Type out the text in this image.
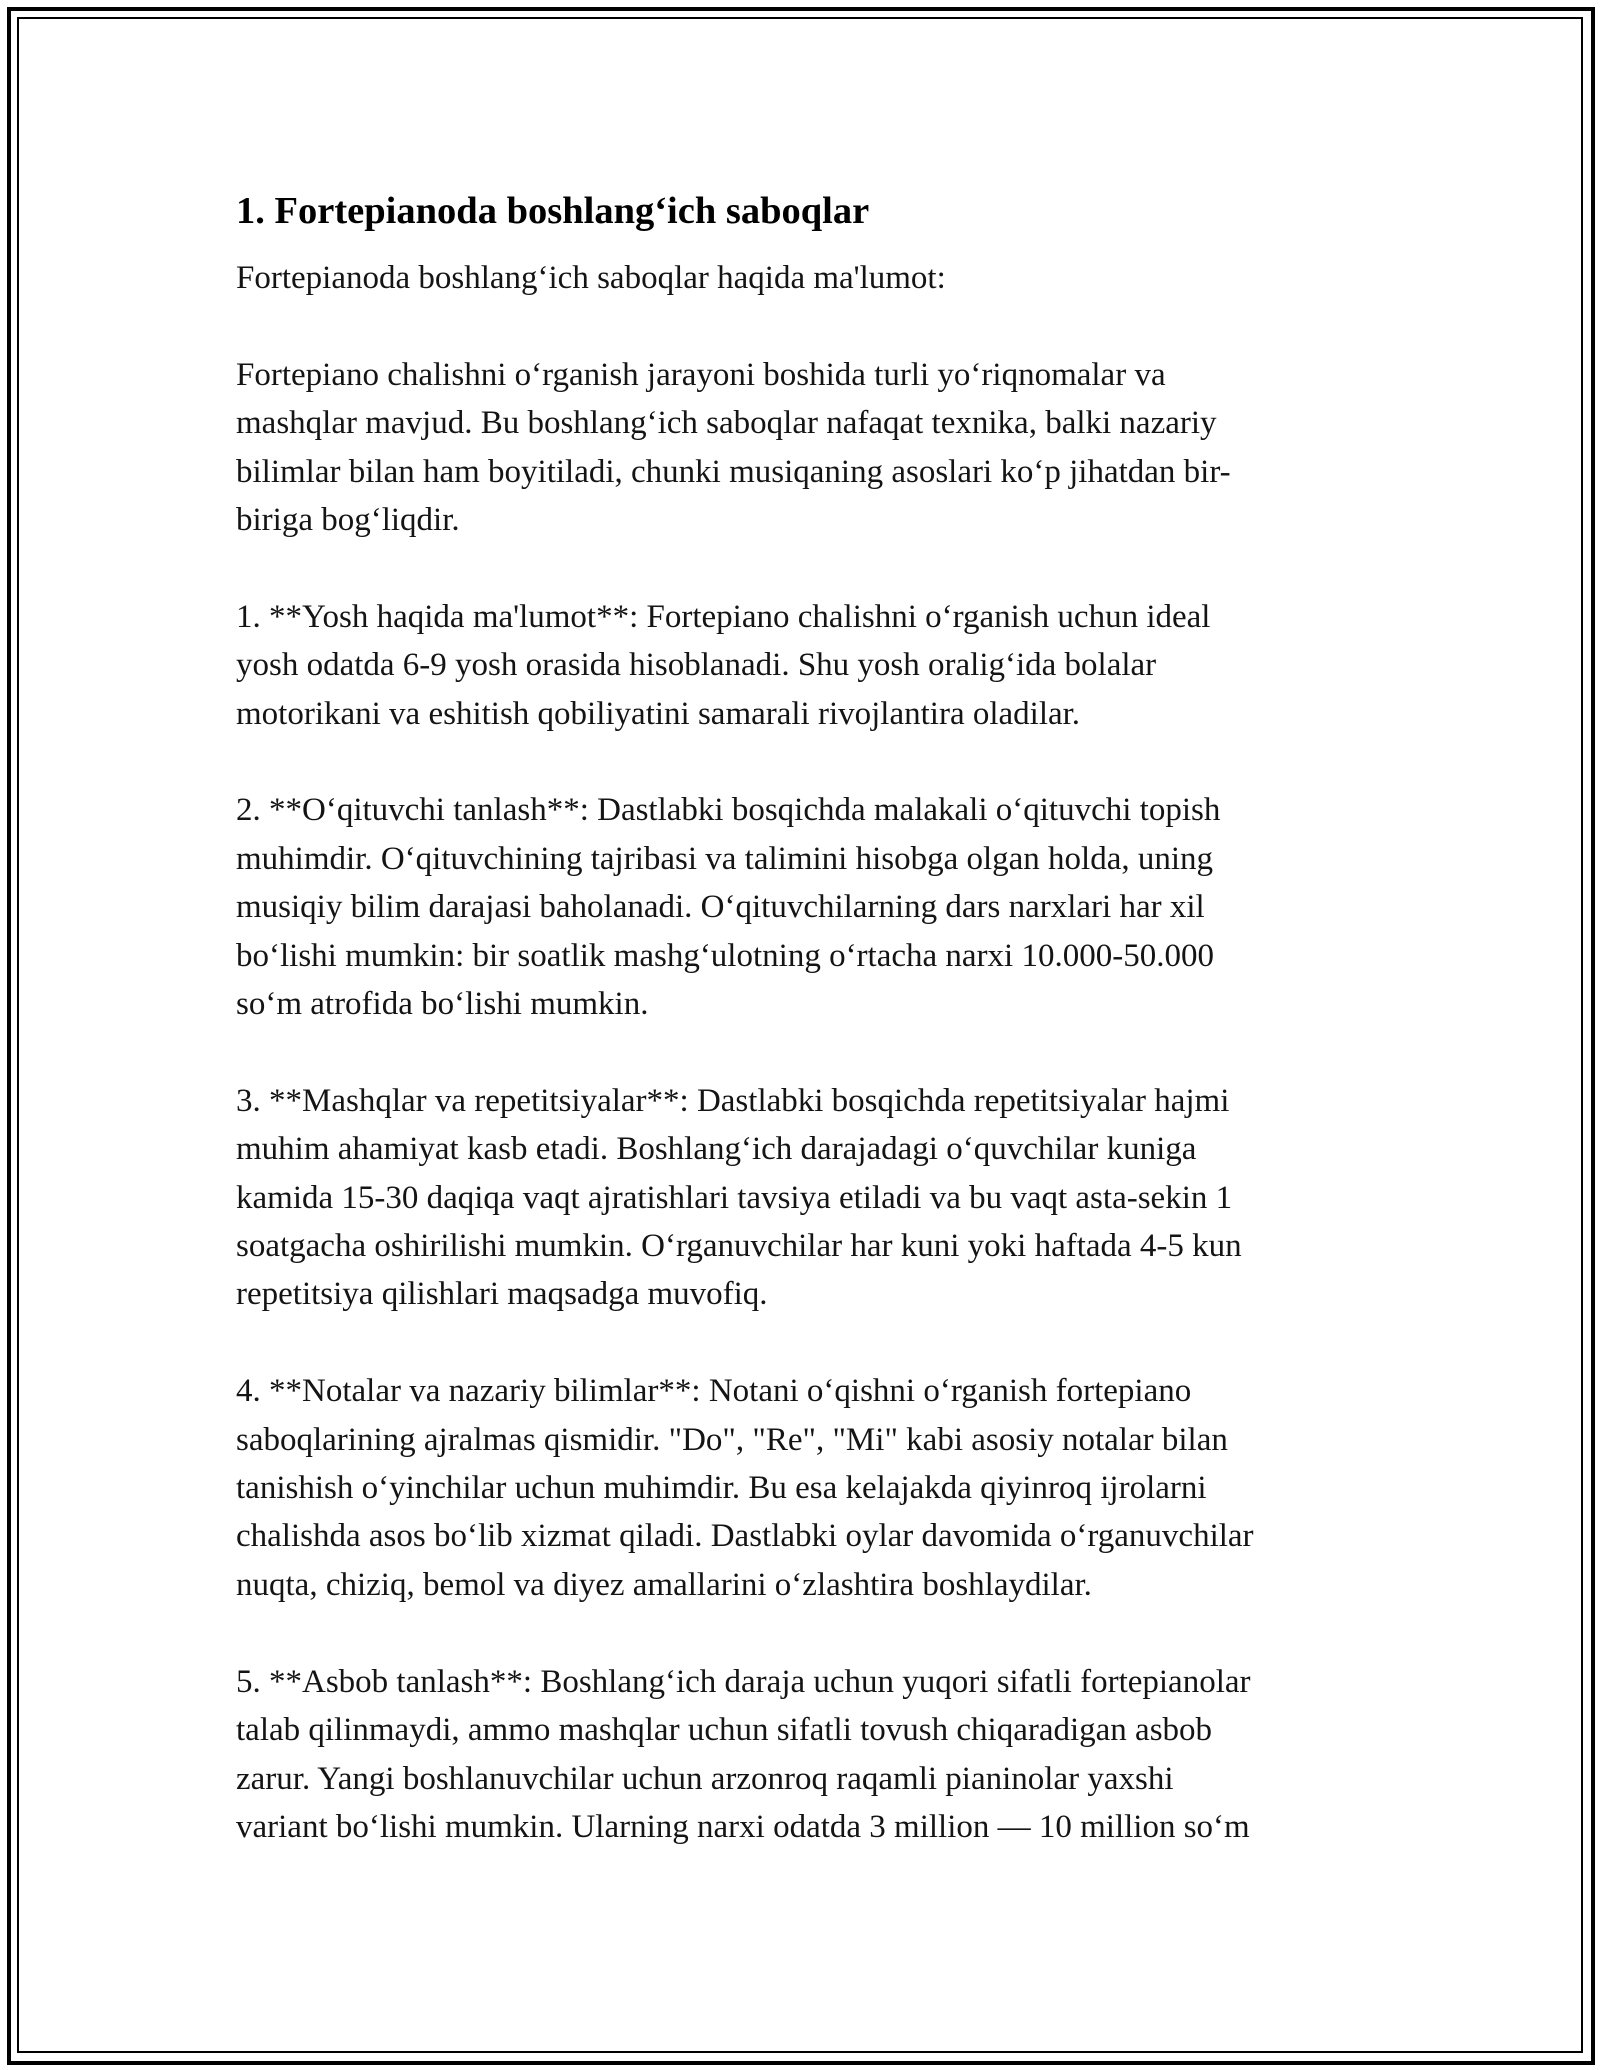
1. Fortepianoda boshlang‘ich saboqlar

Fortepianoda boshlang‘ich saboqlar haqida ma'lumot:

Fortepiano chalishni o‘rganish jarayoni boshida turli yo‘riqnomalar va
mashqlar mavjud. Bu boshlang‘ich saboqlar nafaqat texnika, balki nazariy
bilimlar bilan ham boyitiladi, chunki musiqaning asoslari ko‘p jihatdan bir-
biriga bog‘liqdir.

1. **Yosh haqida ma'lumot**: Fortepiano chalishni o‘rganish uchun ideal
yosh odatda 6-9 yosh orasida hisoblanadi. Shu yosh oralig‘ida bolalar
motorikani va eshitish qobiliyatini samarali rivojlantira oladilar.

2. **O‘qituvchi tanlash**: Dastlabki bosqichda malakali o‘qituvchi topish
muhimdir. O‘qituvchining tajribasi va talimini hisobga olgan holda, uning
musiqiy bilim darajasi baholanadi. O‘qituvchilarning dars narxlari har xil
bo‘lishi mumkin: bir soatlik mashg‘ulotning o‘rtacha narxi 10.000-50.000
so‘m atrofida bo‘lishi mumkin.

3. **Mashqlar va repetitsiyalar**: Dastlabki bosqichda repetitsiyalar hajmi
muhim ahamiyat kasb etadi. Boshlang‘ich darajadagi o‘quvchilar kuniga
kamida 15-30 daqiqa vaqt ajratishlari tavsiya etiladi va bu vaqt asta-sekin 1
soatgacha oshirilishi mumkin. O‘rganuvchilar har kuni yoki haftada 4-5 kun
repetitsiya qilishlari maqsadga muvofiq.

4. **Notalar va nazariy bilimlar**: Notani o‘qishni o‘rganish fortepiano
saboqlarining ajralmas qismidir. "Do", "Re", "Mi" kabi asosiy notalar bilan
tanishish o‘yinchilar uchun muhimdir. Bu esa kelajakda qiyinroq ijrolarni
chalishda asos bo‘lib xizmat qiladi. Dastlabki oylar davomida o‘rganuvchilar
nuqta, chiziq, bemol va diyez amallarini o‘zlashtira boshlaydilar.

5. **Asbob tanlash**: Boshlang‘ich daraja uchun yuqori sifatli fortepianolar
talab qilinmaydi, ammo mashqlar uchun sifatli tovush chiqaradigan asbob
zarur. Yangi boshlanuvchilar uchun arzonroq raqamli pianinolar yaxshi
variant bo‘lishi mumkin. Ularning narxi odatda 3 million — 10 million so‘m
